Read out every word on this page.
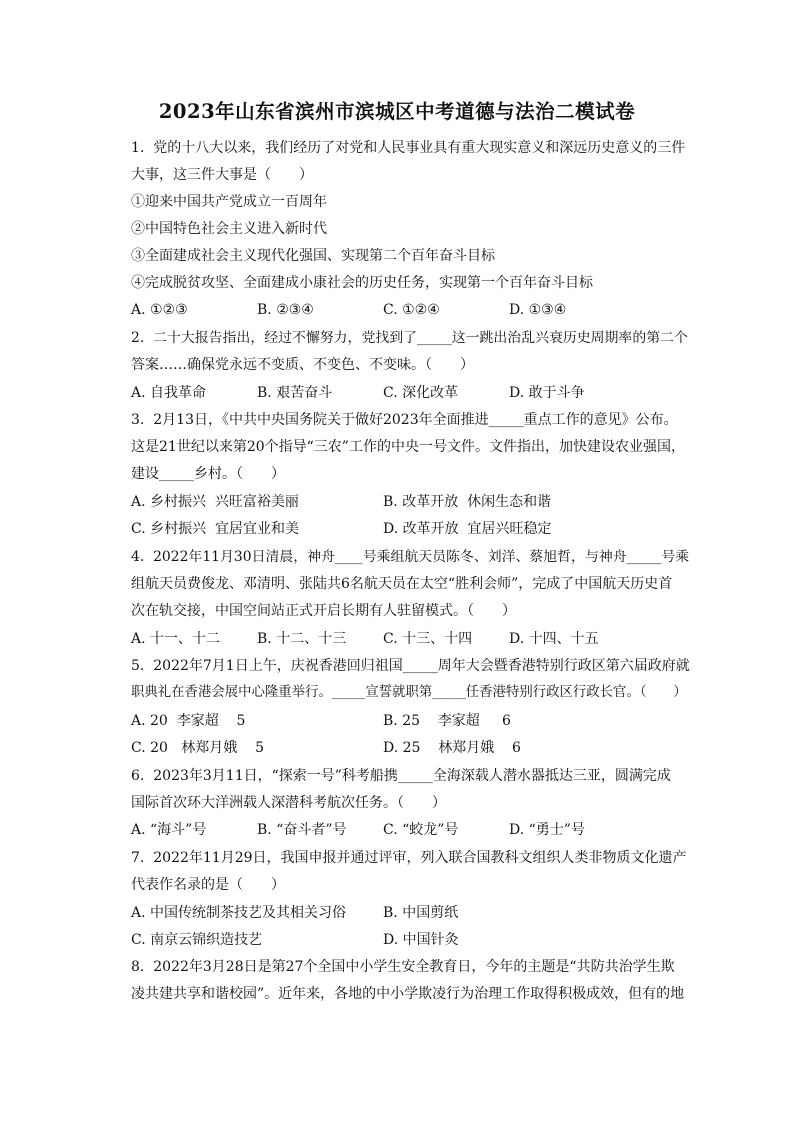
2023年山东省滨州市滨城区中考道德与法治二模试卷
1.  党的十八大以来，我们经历了对党和人民事业具有重大现实意义和深远历史意义的三件
大事，这三件大事是（　　）
①迎来中国共产党成立一百周年
②中国特色社会主义进入新时代
③全面建成社会主义现代化强国、实现第二个百年奋斗目标
④完成脱贫攻坚、全面建成小康社会的历史任务，实现第一个百年奋斗目标
A. ①②③	B. ②③④	C. ①②④	D. ①③④
2.  二十大报告指出，经过不懈努力，党找到了_____这一跳出治乱兴衰历史周期率的第二个
答案……确保党永远不变质、不变色、不变味。（　　）
A. 自我革命	B. 艰苦奋斗	C. 深化改革	D. 敢于斗争
3.  2月13日，《中共中央国务院关于做好2023年全面推进_____重点工作的意见》公布。
这是21世纪以来第20个指导“三农”工作的中央一号文件。文件指出，加快建设农业强国，
建设_____乡村。（　　）
A. 乡村振兴  兴旺富裕美丽	B. 改革开放  休闲生态和谐
C. 乡村振兴  宜居宜业和美	D. 改革开放  宜居兴旺稳定
4.  2022年11月30日清晨，神舟____号乘组航天员陈冬、刘洋、蔡旭哲，与神舟_____号乘
组航天员费俊龙、邓清明、张陆共6名航天员在太空“胜利会师”，完成了中国航天历史首
次在轨交接，中国空间站正式开启长期有人驻留模式。（　　）
A. 十一、十二	B. 十二、十三	C. 十三、十四	D. 十四、十五
5.  2022年7月1日上午，庆祝香港回归祖国_____周年大会暨香港特别行政区第六届政府就
职典礼在香港会展中心隆重举行。_____宣誓就职第_____任香港特别行政区行政长官。（　　）
A. 20  李家超    5	B. 25    李家超     6
C. 20   林郑月娥    5	D. 25    林郑月娥    6
6.  2023年3月11日，“探索一号”科考船携_____全海深载人潜水器抵达三亚，圆满完成
国际首次环大洋洲载人深潜科考航次任务。（　　）
A. “海斗”号	B. “奋斗者”号	C. “蛟龙”号	D. “勇士”号
7.  2022年11月29日，我国申报并通过评审，列入联合国教科文组织人类非物质文化遗产
代表作名录的是（　　）
A. 中国传统制茶技艺及其相关习俗	B. 中国剪纸
C. 南京云锦织造技艺	D. 中国针灸
8.  2022年3月28日是第27个全国中小学生安全教育日，今年的主题是“共防共治学生欺
凌共建共享和谐校园”。近年来，各地的中小学欺凌行为治理工作取得积极成效，但有的地
